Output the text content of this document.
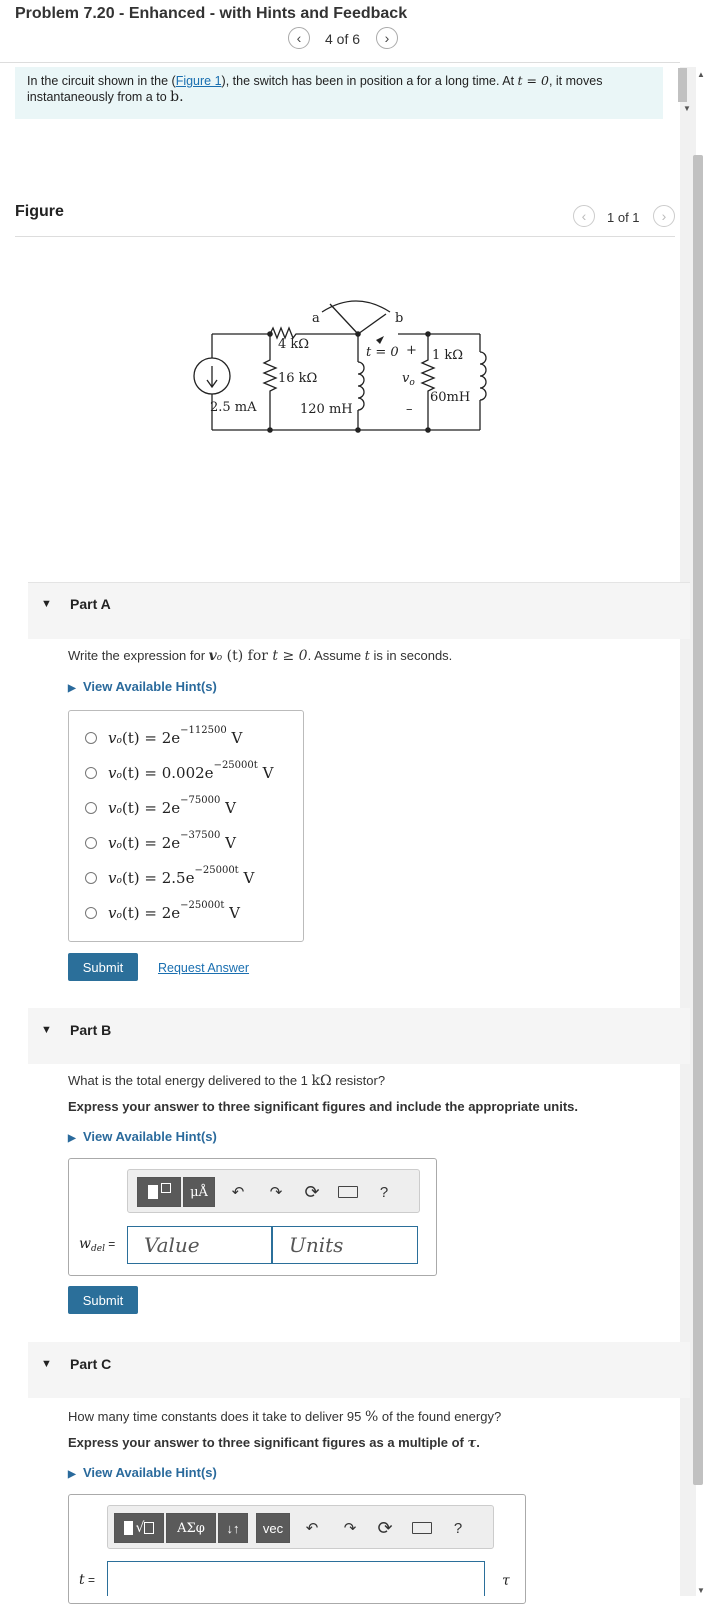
Problem 7.20 - Enhanced - with Hints and Feedback
‹ 4 of 6 ›
In the circuit shown in the (Figure 1), the switch has been in position a for a long time. At t = 0, it moves instantaneously from a to b.
▲
▼
▼
Figure	‹ 1 of 1 ›
2.5 mA
4 kΩ
16 kΩ
120 mH
a	b
t = 0 +
$v_o$
–
1 kΩ
60mH
▼ Part A
Write the expression for vo (t) for t ≥ 0. Assume t is in seconds.
▶ View Available Hint(s)
v o (t) = 2e −112500
V
v o (t) = 0.002e −25000t
V
v o (t) = 2e −75000
V
v o (t) = 2e −37500
V
v o (t) = 2.5e −25000t
V
v o (t) = 2e −25000t
V
Submit	Request Answer
▼ Part B
What is the total energy delivered to the 1 kΩ resistor?
Express your answer to three significant figures and include the appropriate units.
▶ View Available Hint(s)
μÅ	↶	↷	⟳	?
$w_{del}$ =	Value	Units
Submit
▼ Part C
How many time constants does it take to deliver 95 % of the found energy?
Express your answer to three significant figures as a multiple of τ.
▶ View Available Hint(s)
√	ΑΣφ	↓↑	vec	↶	↷	⟳	?
t =	τ
